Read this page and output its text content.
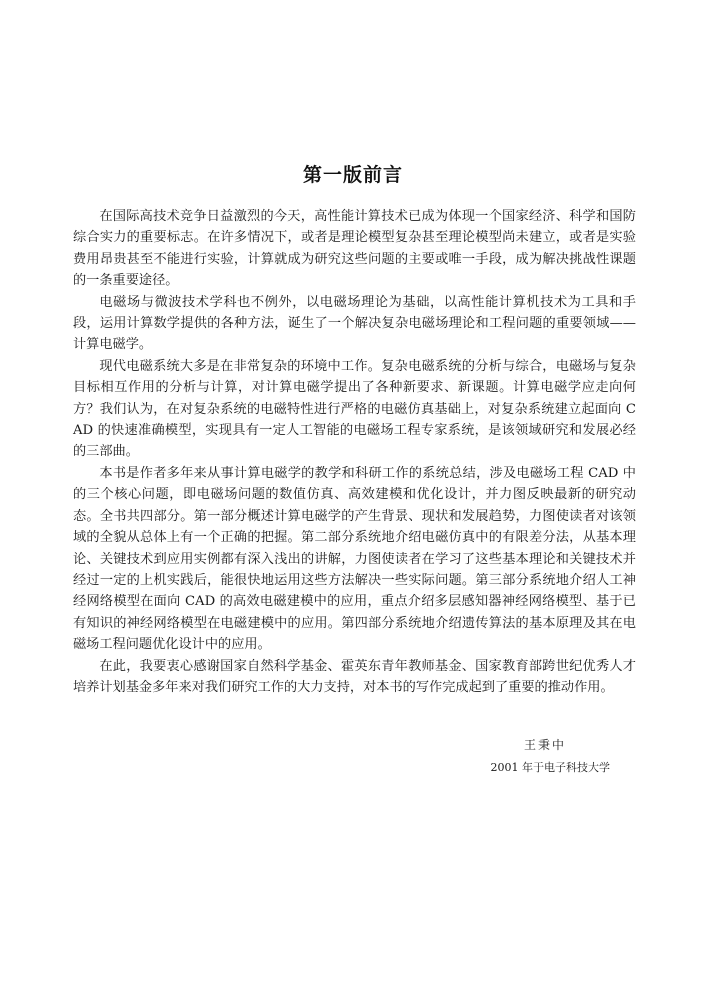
第一版前言

在国际高技术竞争日益激烈的今天，高性能计算技术已成为体现一个国家经济、科学和国防综合实力的重要标志。在许多情况下，或者是理论模型复杂甚至理论模型尚未建立，或者是实验费用昂贵甚至不能进行实验，计算就成为研究这些问题的主要或唯一手段，成为解决挑战性课题的一条重要途径。

电磁场与微波技术学科也不例外，以电磁场理论为基础，以高性能计算机技术为工具和手段，运用计算数学提供的各种方法，诞生了一个解决复杂电磁场理论和工程问题的重要领域——计算电磁学。

现代电磁系统大多是在非常复杂的环境中工作。复杂电磁系统的分析与综合，电磁场与复杂目标相互作用的分析与计算，对计算电磁学提出了各种新要求、新课题。计算电磁学应走向何方？我们认为，在对复杂系统的电磁特性进行严格的电磁仿真基础上，对复杂系统建立起面向 CAD 的快速准确模型，实现具有一定人工智能的电磁场工程专家系统，是该领域研究和发展必经的三部曲。

本书是作者多年来从事计算电磁学的教学和科研工作的系统总结，涉及电磁场工程 CAD 中的三个核心问题，即电磁场问题的数值仿真、高效建模和优化设计，并力图反映最新的研究动态。全书共四部分。第一部分概述计算电磁学的产生背景、现状和发展趋势，力图使读者对该领域的全貌从总体上有一个正确的把握。第二部分系统地介绍电磁仿真中的有限差分法，从基本理论、关键技术到应用实例都有深入浅出的讲解，力图使读者在学习了这些基本理论和关键技术并经过一定的上机实践后，能很快地运用这些方法解决一些实际问题。第三部分系统地介绍人工神经网络模型在面向 CAD 的高效电磁建模中的应用，重点介绍多层感知器神经网络模型、基于已有知识的神经网络模型在电磁建模中的应用。第四部分系统地介绍遗传算法的基本原理及其在电磁场工程问题优化设计中的应用。

在此，我要衷心感谢国家自然科学基金、霍英东青年教师基金、国家教育部跨世纪优秀人才培养计划基金多年来对我们研究工作的大力支持，对本书的写作完成起到了重要的推动作用。

王秉中
2001 年于电子科技大学
